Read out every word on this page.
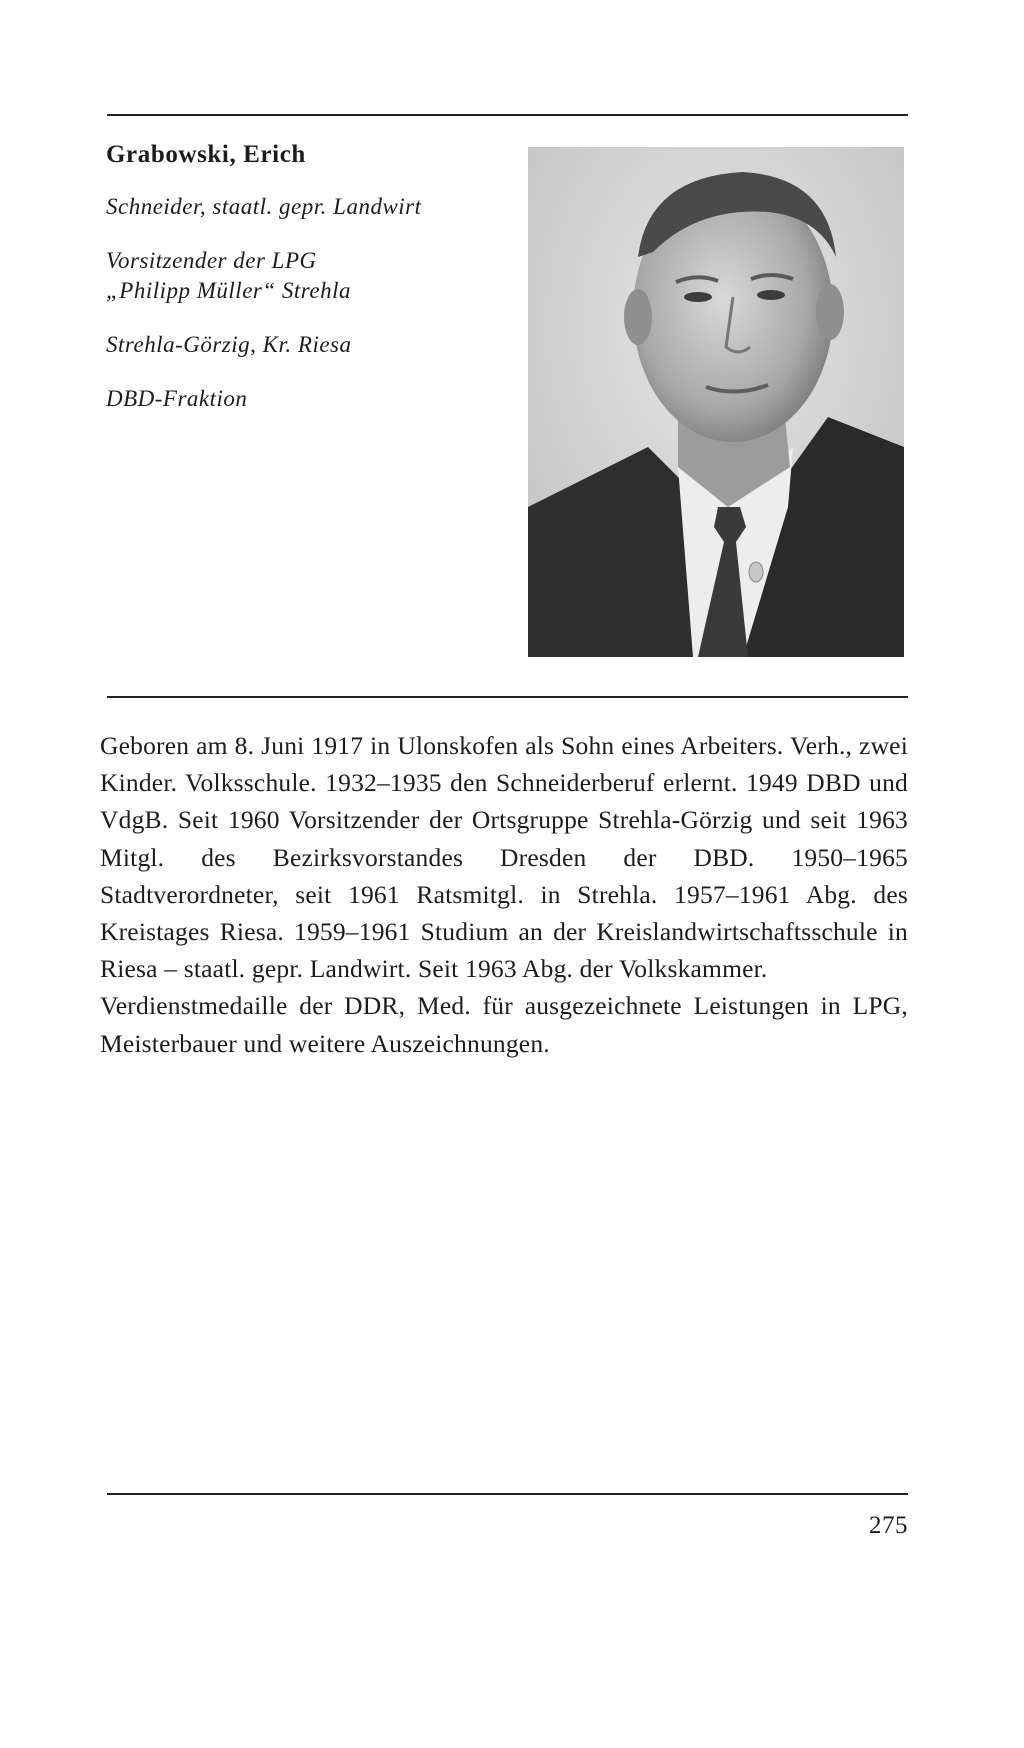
Grabowski, Erich

Schneider, staatl. gepr. Landwirt

Vorsitzender der LPG

„Philipp Müller“ Strehla

Strehla-Görzig, Kr. Riesa

DBD-Fraktion

Geboren am 8. Juni 1917 in Ulonskofen als Sohn eines Arbeiters. Verh., zwei Kinder. Volksschule. 1932–1935 den Schneiderberuf erlernt. 1949 DBD und VdgB. Seit 1960 Vorsitzender der Ortsgruppe Strehla-Görzig und seit 1963 Mitgl. des Bezirksvorstandes Dresden der DBD. 1950–1965 Stadtverordneter, seit 1961 Ratsmitgl. in Strehla. 1957–1961 Abg. des Kreistages Riesa. 1959–1961 Studium an der Kreislandwirtschaftsschule in Riesa – staatl. gepr. Landwirt. Seit 1963 Abg. der Volkskammer.

Verdienstmedaille der DDR, Med. für ausgezeichnete Leistungen in LPG, Meisterbauer und weitere Auszeichnungen.

275
